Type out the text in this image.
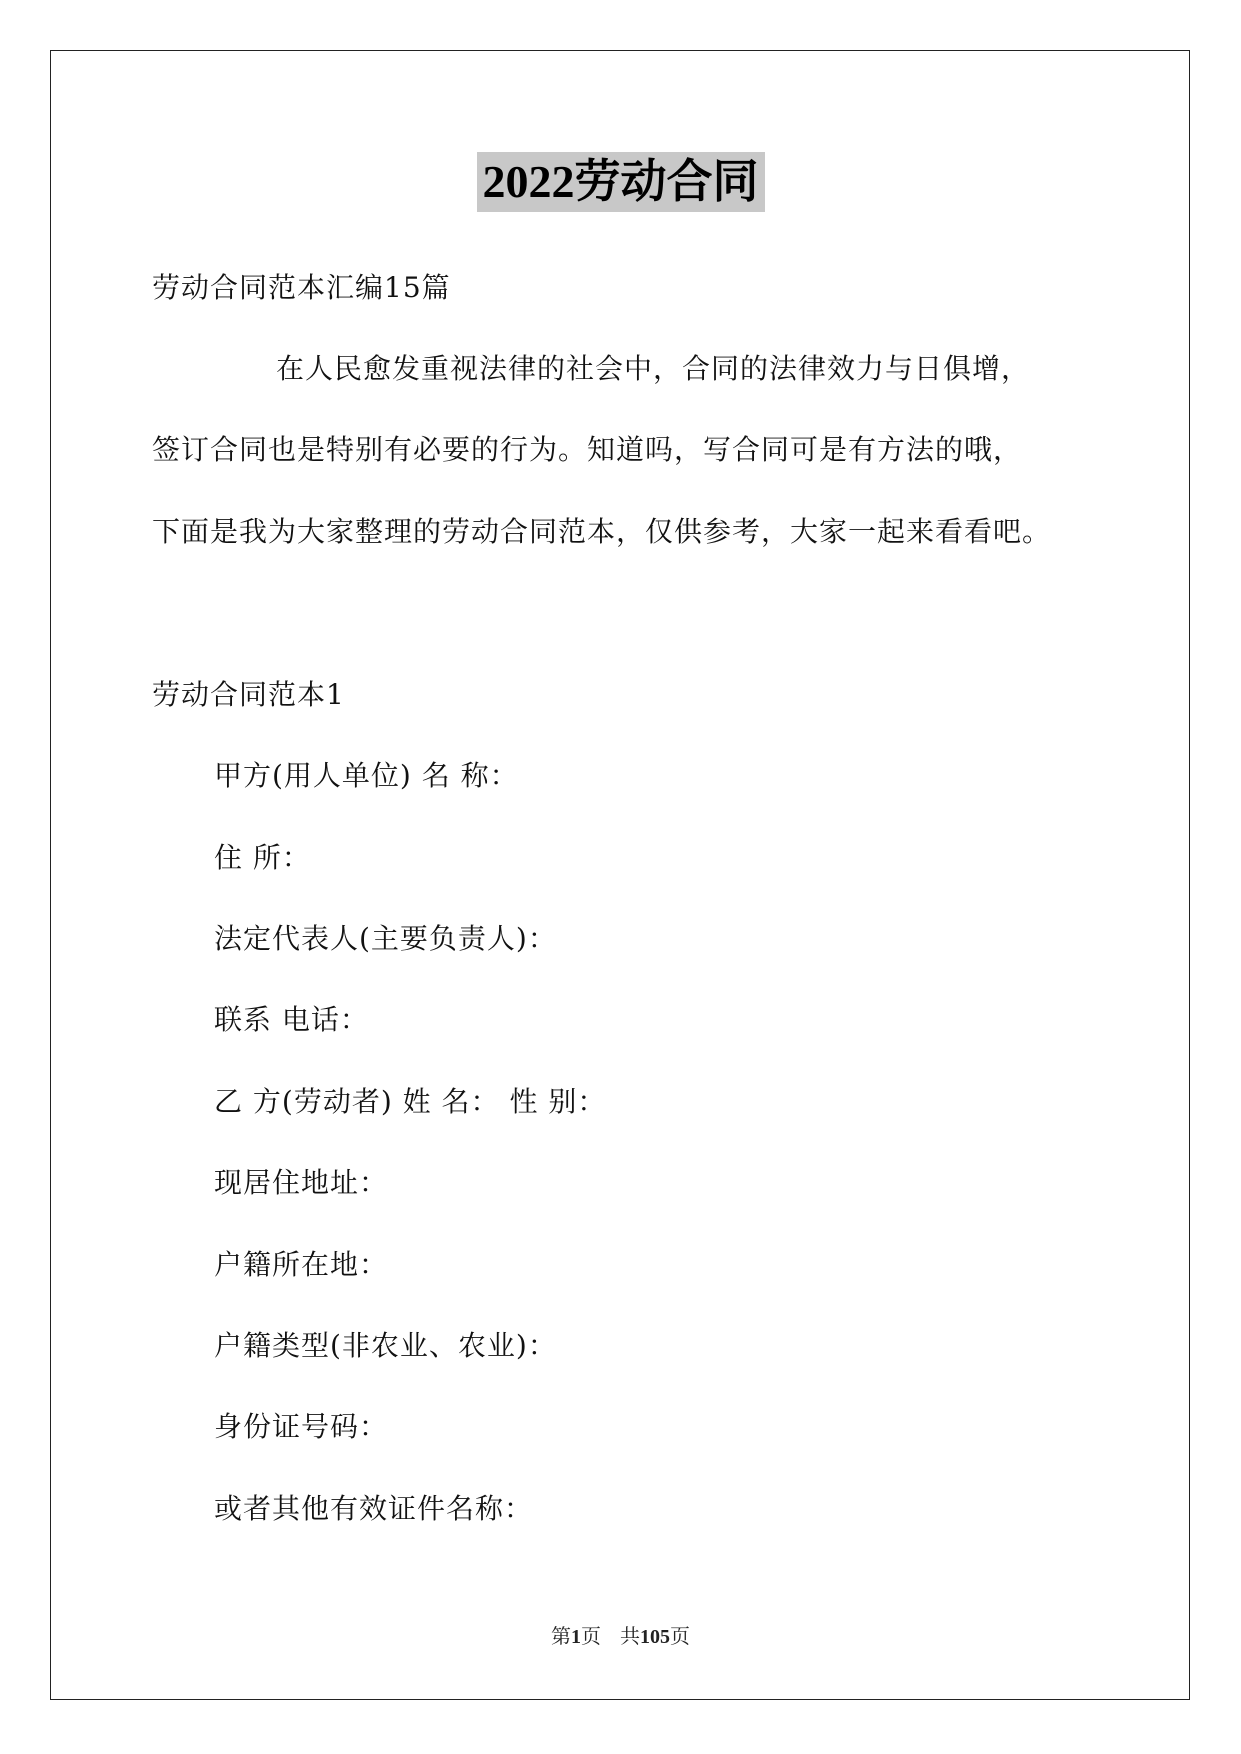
2022劳动合同
劳动合同范本汇编15篇
在人民愈发重视法律的社会中，合同的法律效力与日俱增，
签订合同也是特别有必要的行为。知道吗，写合同可是有方法的哦，
下面是我为大家整理的劳动合同范本，仅供参考，大家一起来看看吧。
劳动合同范本1
甲方(用人单位) 名 称：
住 所：
法定代表人(主要负责人)：
联系 电话：
乙 方(劳动者) 姓 名： 性 别：
现居住地址：
户籍所在地：
户籍类型(非农业、农业)：
身份证号码：
或者其他有效证件名称：
第1页 共105页
